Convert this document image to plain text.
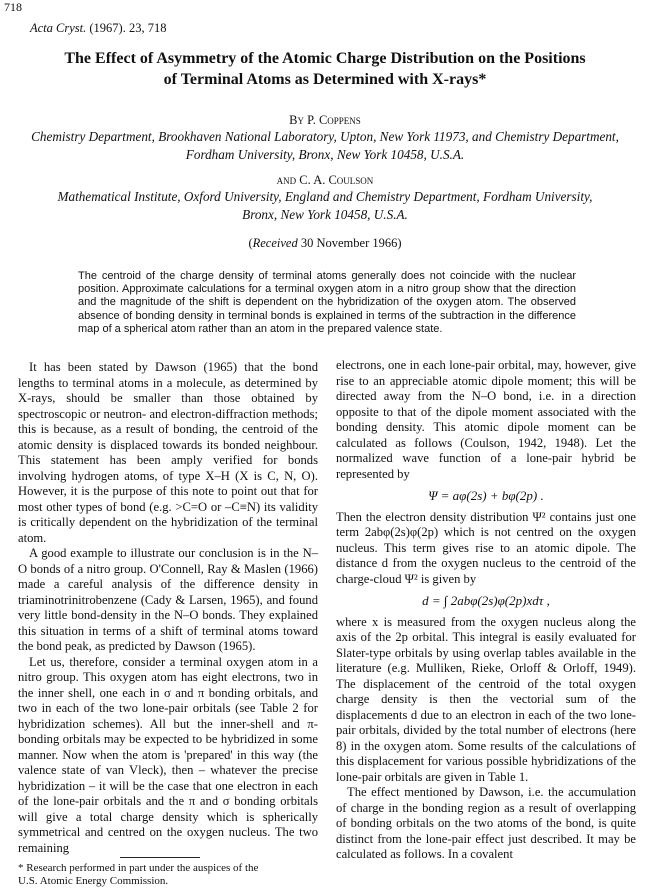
718
Acta Cryst. (1967). 23, 718
The Effect of Asymmetry of the Atomic Charge Distribution on the Positions
of Terminal Atoms as Determined with X-rays*
By P. Coppens
Chemistry Department, Brookhaven National Laboratory, Upton, New York 11973, and Chemistry Department,
Fordham University, Bronx, New York 10458, U.S.A.
and C. A. Coulson
Mathematical Institute, Oxford University, England and Chemistry Department, Fordham University,
Bronx, New York 10458, U.S.A.
(Received 30 November 1966)
The centroid of the charge density of terminal atoms generally does not coincide with the nuclear position. Approximate calculations for a terminal oxygen atom in a nitro group show that the direction and the magnitude of the shift is dependent on the hybridization of the oxygen atom. The observed absence of bonding density in terminal bonds is explained in terms of the subtraction in the difference map of a spherical atom rather than an atom in the prepared valence state.

It has been stated by Dawson (1965) that the bond lengths to terminal atoms in a molecule, as determined by X-rays, should be smaller than those obtained by spectroscopic or neutron- and electron-diffraction methods; this is because, as a result of bonding, the centroid of the atomic density is displaced towards its bonded neighbour. This statement has been amply verified for bonds involving hydrogen atoms, of type X–H (X is C, N, O). However, it is the purpose of this note to point out that for most other types of bond (e.g. >C=O or –C≡N) its validity is critically dependent on the hybridization of the terminal atom.

A good example to illustrate our conclusion is in the N–O bonds of a nitro group. O'Connell, Ray & Maslen (1966) made a careful analysis of the difference density in triaminotrinitrobenzene (Cady & Larsen, 1965), and found very little bond-density in the N–O bonds. They explained this situation in terms of a shift of terminal atoms toward the bond peak, as predicted by Dawson (1965).

Let us, therefore, consider a terminal oxygen atom in a nitro group. This oxygen atom has eight electrons, two in the inner shell, one each in σ and π bonding orbitals, and two in each of the two lone-pair orbitals (see Table 2 for hybridization schemes). All but the inner-shell and π-bonding orbitals may be expected to be hybridized in some manner. Now when the atom is 'prepared' in this way (the valence state of van Vleck), then – whatever the precise hybridization – it will be the case that one electron in each of the lone-pair orbitals and the π and σ bonding orbitals will give a total charge density which is spherically symmetrical and centred on the oxygen nucleus. The two remaining

electrons, one in each lone-pair orbital, may, however, give rise to an appreciable atomic dipole moment; this will be directed away from the N–O bond, i.e. in a direction opposite to that of the dipole moment associated with the bonding density. This atomic dipole moment can be calculated as follows (Coulson, 1942, 1948). Let the normalized wave function of a lone-pair hybrid be represented by

Ψ = aφ(2s) + bφ(2p) .

Then the electron density distribution Ψ² contains just one term 2abφ(2s)φ(2p) which is not centred on the oxygen nucleus. This term gives rise to an atomic dipole. The distance d from the oxygen nucleus to the centroid of the charge-cloud Ψ² is given by

d = ∫ 2abφ(2s)φ(2p)xdτ ,

where x is measured from the oxygen nucleus along the axis of the 2p orbital. This integral is easily evaluated for Slater-type orbitals by using overlap tables available in the literature (e.g. Mulliken, Rieke, Orloff & Orloff, 1949). The displacement of the centroid of the total oxygen charge density is then the vectorial sum of the displacements d due to an electron in each of the two lone-pair orbitals, divided by the total number of electrons (here 8) in the oxygen atom. Some results of the calculations of this displacement for various possible hybridizations of the lone-pair orbitals are given in Table 1.

The effect mentioned by Dawson, i.e. the accumulation of charge in the bonding region as a result of overlapping of bonding orbitals on the two atoms of the bond, is quite distinct from the lone-pair effect just described. It may be calculated as follows. In a covalent

* Research performed in part under the auspices of the

U.S. Atomic Energy Commission.
